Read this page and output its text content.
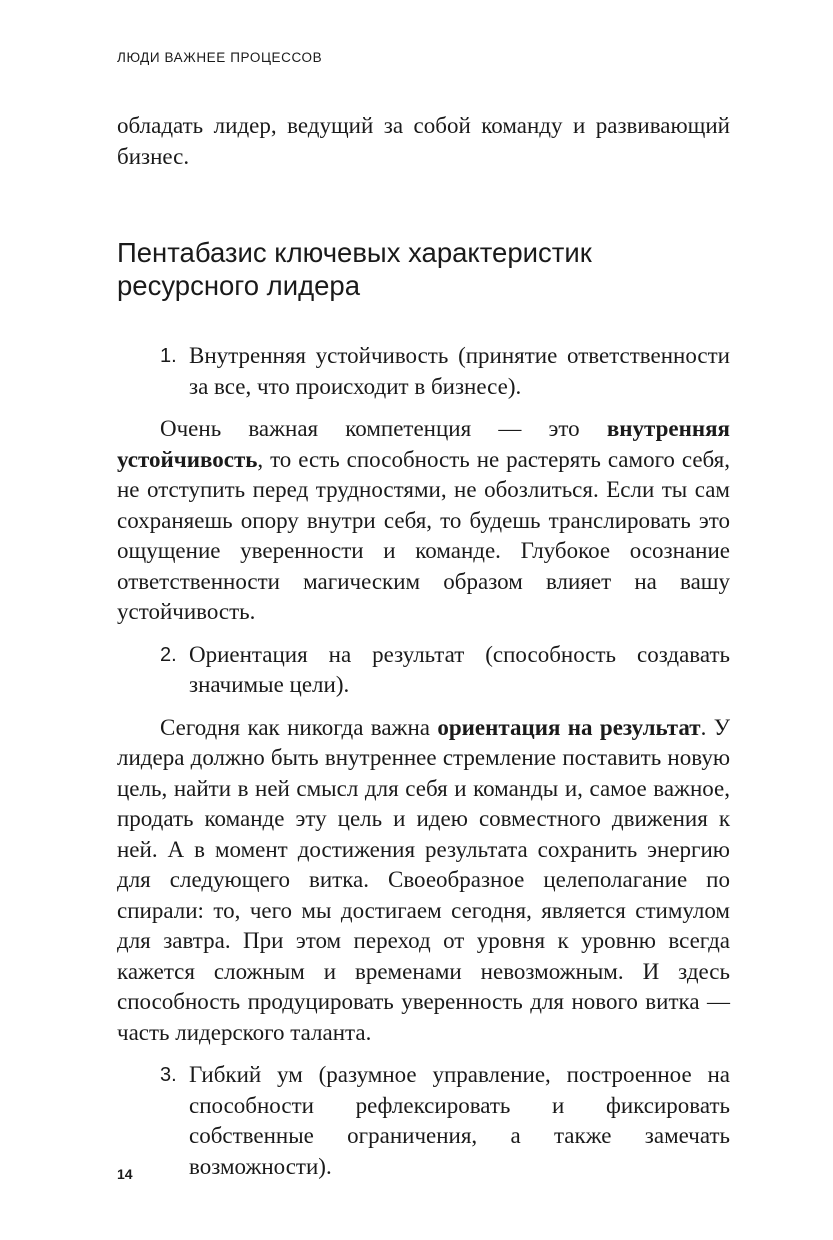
ЛЮДИ ВАЖНЕЕ ПРОЦЕССОВ

обладать лидер, ведущий за собой команду и развивающий бизнес.

Пентабазис ключевых характеристик ресурсного лидера
1. Внутренняя устойчивость (принятие ответственности за все, что происходит в бизнесе).

Очень важная компетенция — это внутренняя устойчивость, то есть способность не растерять самого себя, не отступить перед трудностями, не обозлиться. Если ты сам сохраняешь опору внутри себя, то будешь транслировать это ощущение уверенности и команде. Глубокое осознание ответственности магическим образом влияет на вашу устойчивость.

2. Ориентация на результат (способность создавать значимые цели).

Сегодня как никогда важна ориентация на результат. У лидера должно быть внутреннее стремление поставить новую цель, найти в ней смысл для себя и команды и, самое важное, продать команде эту цель и идею совместного движения к ней. А в момент достижения результата сохранить энергию для следующего витка. Своеобразное целеполагание по спирали: то, чего мы достигаем сегодня, является стимулом для завтра. При этом переход от уровня к уровню всегда кажется сложным и временами невозможным. И здесь способность продуцировать уверенность для нового витка — часть лидерского таланта.

3. Гибкий ум (разумное управление, построенное на способности рефлексировать и фиксировать собственные ограничения, а также замечать возможности).
14
